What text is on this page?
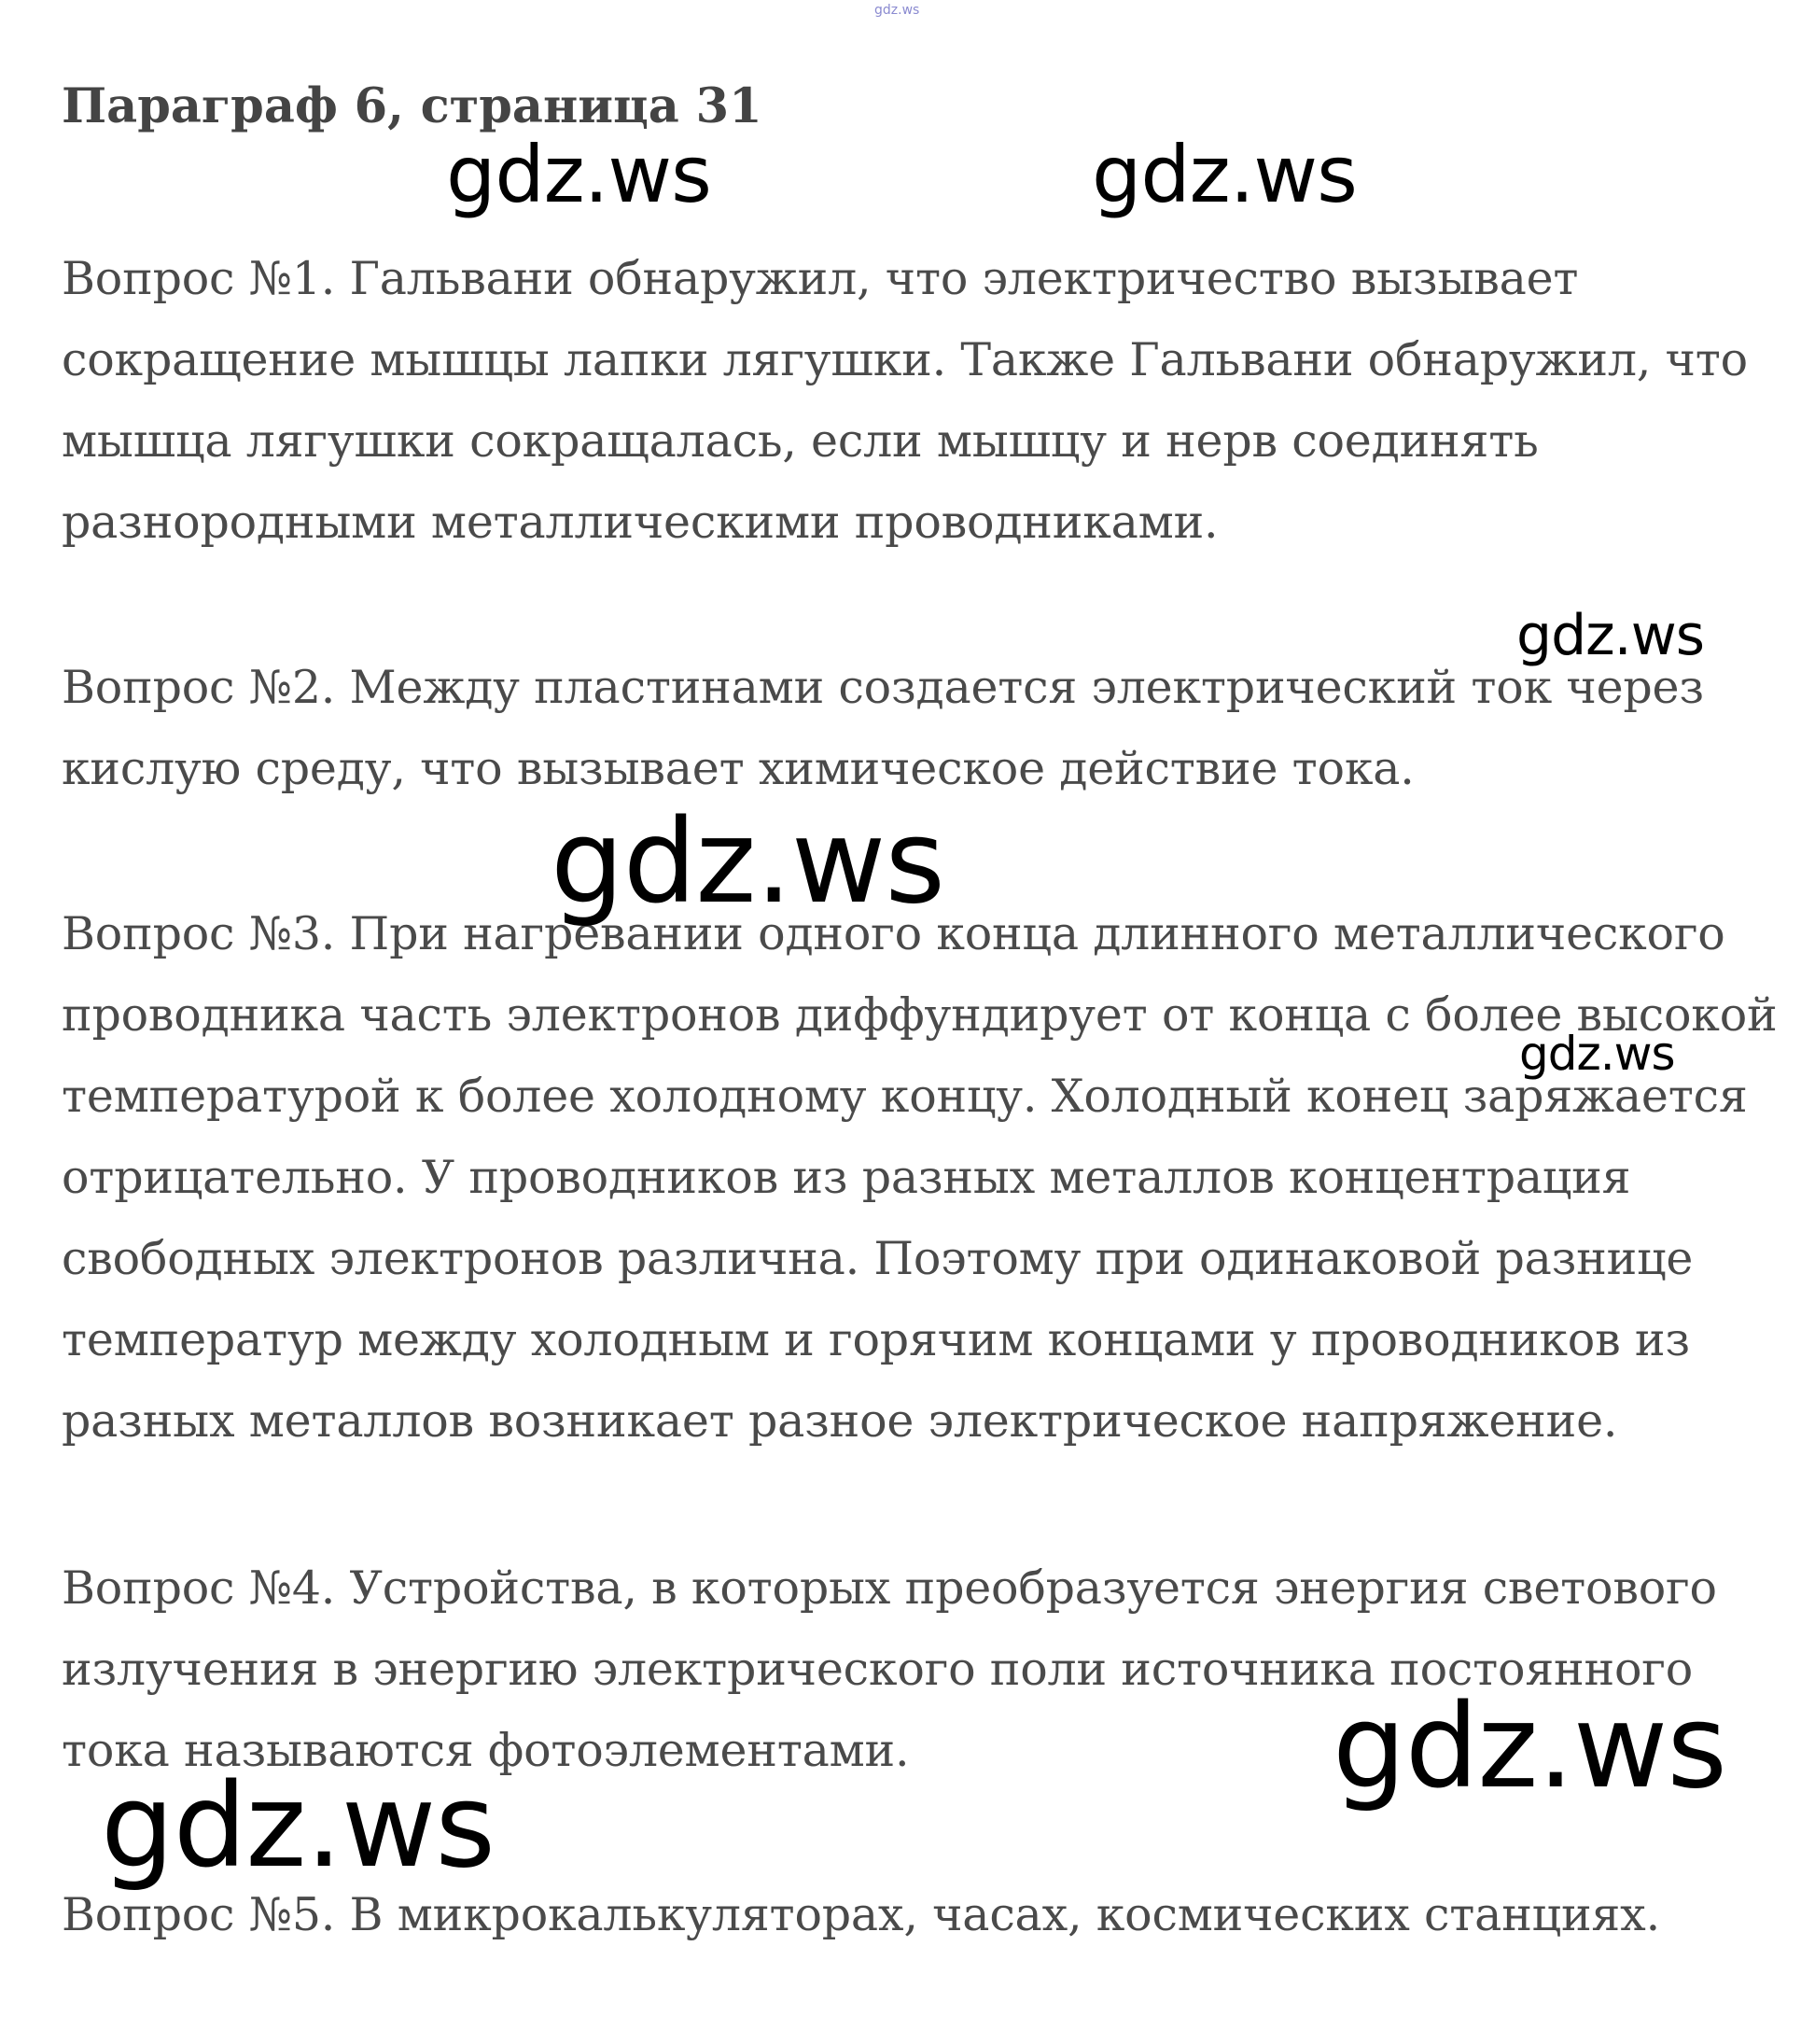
gdz.ws
Параграф 6, страница 31
Вопрос №1. Гальвани обнаружил, что электричество вызывает
сокращение мышцы лапки лягушки. Также Гальвани обнаружил, что
мышца лягушки сокращалась, если мышцу и нерв соединять
разнородными металлическими проводниками.
Вопрос №2. Между пластинами создается электрический ток через
кислую среду, что вызывает химическое действие тока.
Вопрос №3. При нагревании одного конца длинного металлического
проводника часть электронов диффундирует от конца с более высокой
температурой к более холодному концу. Холодный конец заряжается
отрицательно. У проводников из разных металлов концентрация
свободных электронов различна. Поэтому при одинаковой разнице
температур между холодным и горячим концами у проводников из
разных металлов возникает разное электрическое напряжение.
Вопрос №4. Устройства, в которых преобразуется энергия светового
излучения в энергию электрического поли источника постоянного
тока называются фотоэлементами.
Вопрос №5. В микрокалькуляторах, часах, космических станциях.
gdz.ws	gdz.ws
gdz.ws
gdz.ws
gdz.ws
gdz.ws
gdz.ws
